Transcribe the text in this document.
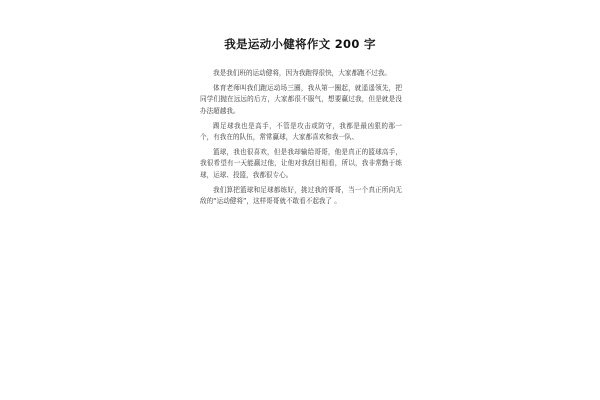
我是运动小健将作文 200 字

我是我们班的运动健将，因为我跑得很快，大家都跑不过我。

体育老师叫我们跑运动场三圈，我从第一圈起，就遥遥领先，把同学们抛在远远的后方，大家都很不服气，想要赢过我，但是就是没办法超越我。

踢足球我也是高手，不管是攻击或防守，我都是最凶狠的那一个，有我在的队伍，常常赢球，大家都喜欢和我一队、

篮球，我也很喜欢，但是我却输给哥哥，他是真正的篮球高手，我很希望有一天能赢过他，让他对我刮目相看，所以，我非常勤于练球，运球、投篮，我都很专心。

我们算把篮球和足球都练好，挑过我的哥哥，当一个真正所向无敌的“运动健将”，这样哥哥就不敢看不起我了 。
